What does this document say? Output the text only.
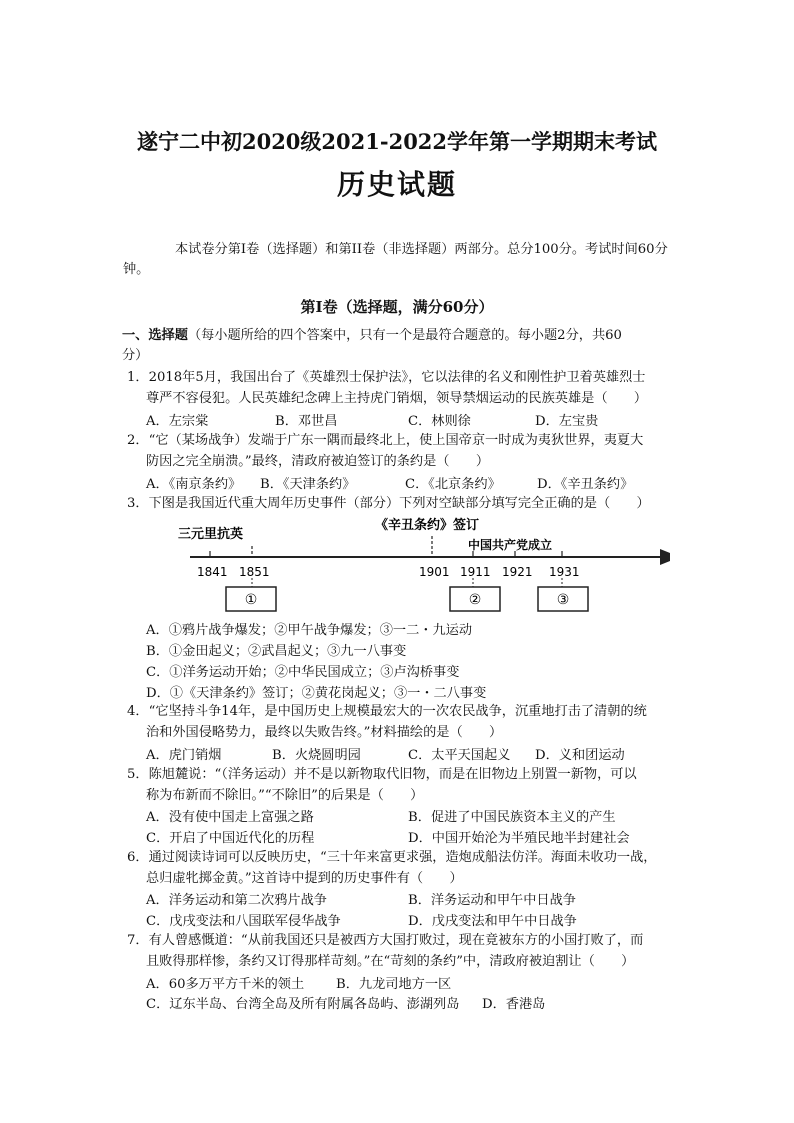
遂宁二中初2020级2021-2022学年第一学期期末考试
历史试题
本试卷分第Ⅰ卷（选择题）和第II卷（非选择题）两部分。总分100分。考试时间60分钟。
第Ⅰ卷（选择题，满分60分）
一、选择题（每小题所给的四个答案中，只有一个是最符合题意的。每小题2分，共60
分）
1．2018年5月，我国出台了《英雄烈士保护法》，它以法律的名义和刚性护卫着英雄烈士
尊严不容侵犯。人民英雄纪念碑上主持虎门销烟，领导禁烟运动的民族英雄是（　　）
A．左宗棠	B．邓世昌	C．林则徐	D．左宝贵
2．“它（某场战争）发端于广东一隅而最终北上，使上国帝京一时成为夷狄世界，夷夏大
防因之完全崩溃。”最终，清政府被迫签订的条约是（　　）
A．《南京条约》 B．《天津条约》	C．《北京条约》	D．《辛丑条约》
3．下图是我国近代重大周年历史事件（部分）下列对空缺部分填写完全正确的是（　　）
三元里抗英
《辛丑条约》签订
中国共产党成立
1841 1851	1901 1911 1921 1931
①	②	③
A．①鸦片战争爆发；②甲午战争爆发；③一二・九运动
B．①金田起义；②武昌起义；③九一八事变
C．①洋务运动开始；②中华民国成立；③卢沟桥事变
D．①《天津条约》签订；②黄花岗起义；③一・二八事变
4．“它坚持斗争14年，是中国历史上规模最宏大的一次农民战争，沉重地打击了清朝的统
治和外国侵略势力，最终以失败告终。”材料描绘的是（　　）
A．虎门销烟	B．火烧圆明园	C．太平天国起义 D．义和团运动
5．陈旭麓说：“（洋务运动）并不是以新物取代旧物，而是在旧物边上别置一新物，可以
称为布新而不除旧。”“不除旧”的后果是（　　）
A．没有使中国走上富强之路	B．促进了中国民族资本主义的产生
C．开启了中国近代化的历程	D．中国开始沦为半殖民地半封建社会
6．通过阅读诗词可以反映历史，“三十年来富更求强，造炮成船法仿洋。海面未收功一战，
总归虚牝掷金黄。”这首诗中提到的历史事件有（　　）
A．洋务运动和第二次鸦片战争	B．洋务运动和甲午中日战争
C．戊戌变法和八国联军侵华战争	D．戊戌变法和甲午中日战争
7．有人曾感慨道：“从前我国还只是被西方大国打败过，现在竟被东方的小国打败了，而
且败得那样惨，条约又订得那样苛刻。”在“苛刻的条约”中，清政府被迫割让（　　）
A．60多万平方千米的领土 B．九龙司地方一区
C．辽东半岛、台湾全岛及所有附属各岛屿、澎湖列岛 D．香港岛
